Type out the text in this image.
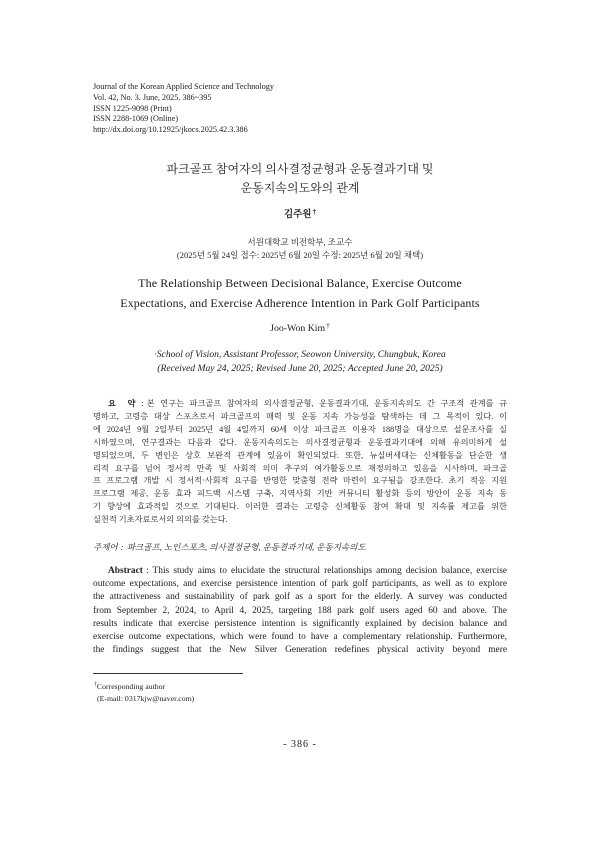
Journal of the Korean Applied Science and Technology
Vol. 42, No. 3. June, 2025. 386~395
ISSN 1225-9098 (Print)
ISSN 2288-1069 (Online)
http://dx.doi.org/10.12925/jkocs.2025.42.3.386
파크골프 참여자의 의사결정균형과 운동결과기대 및
운동지속의도와의 관계
김주원†
서원대학교 비전학부, 조교수
(2025년 5월 24일 접수: 2025년 6월 20일 수정: 2025년 6월 20일 채택)
The Relationship Between Decisional Balance, Exercise Outcome
Expectations, and Exercise Adherence Intention in Park Golf Participants
Joo-Won Kim†
·School of Vision, Assistant Professor, Seowon University, Chungbuk, Korea
(Received May 24, 2025; Revised June 20, 2025; Accepted June 20, 2025)
요 약 : 본 연구는 파크골프 참여자의 의사결정균형, 운동결과기대, 운동지속의도 간 구조적 관계를 규
명하고, 고령층 대상 스포츠로서 파크골프의 매력 및 운동 지속 가능성을 탐색하는 데 그 목적이 있다. 이
에 2024년 9월 2일부터 2025년 4월 4일까지 60세 이상 파크골프 이용자 188명을 대상으로 설문조사를 실
시하였으며, 연구결과는 다음과 같다. 운동지속의도는 의사결정균형과 운동결과기대에 의해 유의미하게 설
명되었으며, 두 변인은 상호 보완적 관계에 있음이 확인되었다. 또한, 뉴실버세대는 신체활동을 단순한 생
리적 요구를 넘어 정서적 만족 및 사회적 의미 추구의 여가활동으로 재정의하고 있음을 시사하며, 파크골
프 프로그램 개발 시 정서적·사회적 요구를 반영한 맞춤형 전략 마련이 요구됨을 강조한다. 초기 적응 지원
프로그램 제공, 운동 효과 피드백 시스템 구축, 지역사회 기반 커뮤니티 활성화 등의 방안이 운동 지속 동
기 향상에 효과적일 것으로 기대된다. 이러한 결과는 고령층 신체활동 참여 확대 및 지속률 제고를 위한
실천적 기초자료로서의 의의를 갖는다.
주제어 : 파크골프, 노인스포츠, 의사결정균형, 운동결과기대, 운동지속의도
Abstract : This study aims to elucidate the structural relationships among decision balance, exercise
outcome expectations, and exercise persistence intention of park golf participants, as well as to explore
the attractiveness and sustainability of park golf as a sport for the elderly. A survey was conducted
from September 2, 2024, to April 4, 2025, targeting 188 park golf users aged 60 and above. The
results indicate that exercise persistence intention is significantly explained by decision balance and
exercise outcome expectations, which were found to have a complementary relationship. Furthermore,
the findings suggest that the New Silver Generation redefines physical activity beyond mere
†Corresponding author
(E-mail: 0317kjw@naver.com)
- 386 -
